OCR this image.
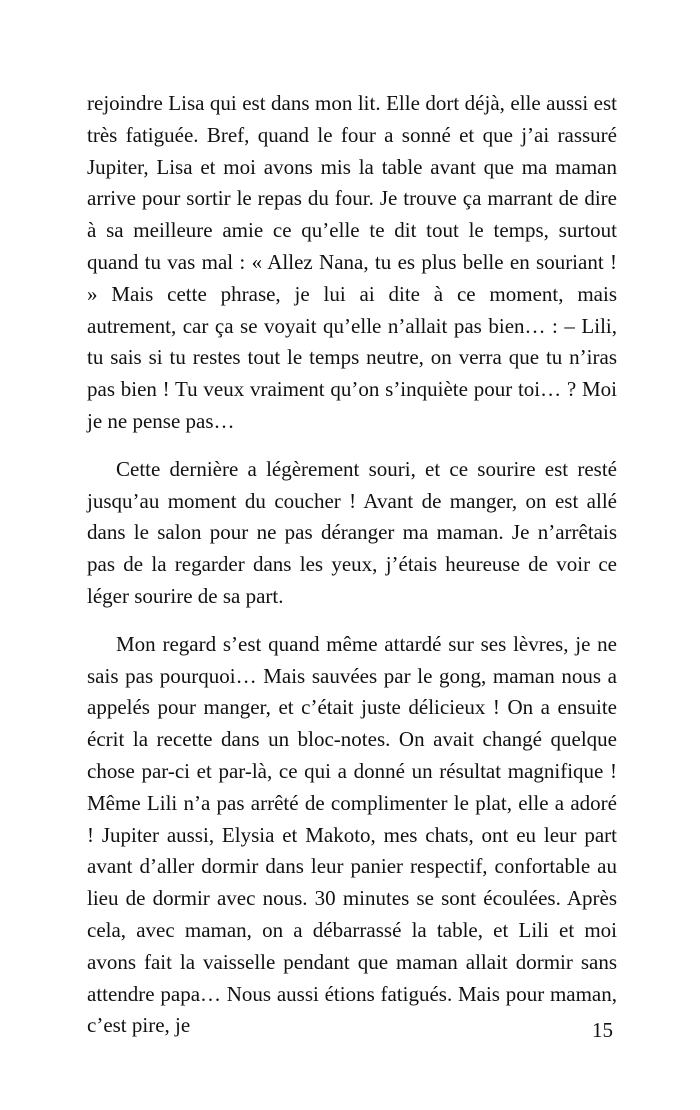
rejoindre Lisa qui est dans mon lit. Elle dort déjà, elle aussi est très fatiguée. Bref, quand le four a sonné et que j’ai rassuré Jupiter, Lisa et moi avons mis la table avant que ma maman arrive pour sortir le repas du four. Je trouve ça marrant de dire à sa meilleure amie ce qu’elle te dit tout le temps, surtout quand tu vas mal : « Allez Nana, tu es plus belle en souriant ! » Mais cette phrase, je lui ai dite à ce moment, mais autrement, car ça se voyait qu’elle n’allait pas bien… : – Lili, tu sais si tu restes tout le temps neutre, on verra que tu n’iras pas bien ! Tu veux vraiment qu’on s’inquiète pour toi… ? Moi je ne pense pas…

Cette dernière a légèrement souri, et ce sourire est resté jusqu’au moment du coucher ! Avant de manger, on est allé dans le salon pour ne pas déranger ma maman. Je n’arrêtais pas de la regarder dans les yeux, j’étais heureuse de voir ce léger sourire de sa part.

Mon regard s’est quand même attardé sur ses lèvres, je ne sais pas pourquoi… Mais sauvées par le gong, maman nous a appelés pour manger, et c’était juste délicieux ! On a ensuite écrit la recette dans un bloc-notes. On avait changé quelque chose par-ci et par-là, ce qui a donné un résultat magnifique ! Même Lili n’a pas arrêté de complimenter le plat, elle a adoré ! Jupiter aussi, Elysia et Makoto, mes chats, ont eu leur part avant d’aller dormir dans leur panier respectif, confortable au lieu de dormir avec nous. 30 minutes se sont écoulées. Après cela, avec maman, on a débarrassé la table, et Lili et moi avons fait la vaisselle pendant que maman allait dormir sans attendre papa… Nous aussi étions fatigués. Mais pour maman, c’est pire, je	15
